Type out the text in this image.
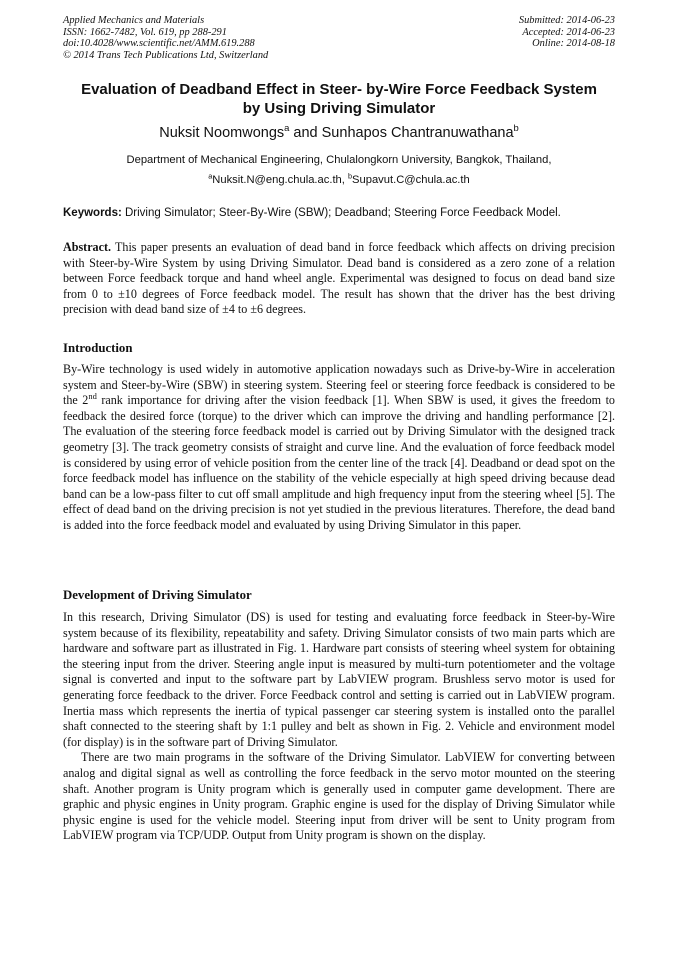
Applied Mechanics and Materials
ISSN: 1662-7482, Vol. 619, pp 288-291
doi:10.4028/www.scientific.net/AMM.619.288
© 2014 Trans Tech Publications Ltd, Switzerland
Submitted: 2014-06-23
Accepted: 2014-06-23
Online: 2014-08-18
Evaluation of Deadband Effect in Steer- by-Wire Force Feedback System
by Using Driving Simulator
Nuksit Noomwongs$^a$ and Sunhapos Chantranuwathana$^b$
Department of Mechanical Engineering, Chulalongkorn University, Bangkok, Thailand,
$^a$Nuksit.N@eng.chula.ac.th, $^b$Supavut.C@chula.ac.th
Keywords: Driving Simulator; Steer-By-Wire (SBW); Deadband; Steering Force Feedback Model.

Abstract. This paper presents an evaluation of dead band in force feedback which affects on driving precision with Steer-by-Wire System by using Driving Simulator. Dead band is considered as a zero zone of a relation between Force feedback torque and hand wheel angle. Experimental was designed to focus on dead band size from 0 to ±10 degrees of Force feedback model. The result has shown that the driver has the best driving precision with dead band size of ±4 to ±6 degrees.

Introduction

By-Wire technology is used widely in automotive application nowadays such as Drive-by-Wire in acceleration system and Steer-by-Wire (SBW) in steering system. Steering feel or steering force feedback is considered to be the 2nd rank importance for driving after the vision feedback [1]. When SBW is used, it gives the freedom to feedback the desired force (torque) to the driver which can improve the driving and handling performance [2]. The evaluation of the steering force feedback model is carried out by Driving Simulator with the designed track geometry [3]. The track geometry consists of straight and curve line. And the evaluation of force feedback model is considered by using error of vehicle position from the center line of the track [4]. Deadband or dead spot on the force feedback model has influence on the stability of the vehicle especially at high speed driving because dead band can be a low-pass filter to cut off small amplitude and high frequency input from the steering wheel [5]. The effect of dead band on the driving precision is not yet studied in the previous literatures. Therefore, the dead band is added into the force feedback model and evaluated by using Driving Simulator in this paper.

Development of Driving Simulator

In this research, Driving Simulator (DS) is used for testing and evaluating force feedback in Steer-by-Wire system because of its flexibility, repeatability and safety. Driving Simulator consists of two main parts which are hardware and software part as illustrated in Fig. 1. Hardware part consists of steering wheel system for obtaining the steering input from the driver. Steering angle input is measured by multi-turn potentiometer and the voltage signal is converted and input to the software part by LabVIEW program. Brushless servo motor is used for generating force feedback to the driver. Force Feedback control and setting is carried out in LabVIEW program. Inertia mass which represents the inertia of typical passenger car steering system is installed onto the parallel shaft connected to the steering shaft by 1:1 pulley and belt as shown in Fig. 2. Vehicle and environment model (for display) is in the software part of Driving Simulator.

There are two main programs in the software of the Driving Simulator. LabVIEW for converting between analog and digital signal as well as controlling the force feedback in the servo motor mounted on the steering shaft. Another program is Unity program which is generally used in computer game development. There are graphic and physic engines in Unity program. Graphic engine is used for the display of Driving Simulator while physic engine is used for the vehicle model. Steering input from driver will be sent to Unity program from LabVIEW program via TCP/UDP. Output from Unity program is shown on the display.
